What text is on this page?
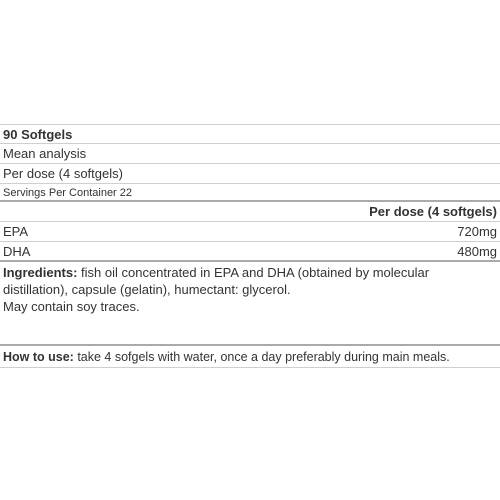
90 Softgels
Mean analysis
Per dose (4 softgels)
Servings Per Container 22
Per dose (4 softgels)
EPA	720mg
DHA	480mg
Ingredients: fish oil concentrated in EPA and DHA (obtained by molecular distillation), capsule (gelatin), humectant: glycerol.
May contain soy traces.
How to use: take 4 sofgels with water, once a day preferably during main meals.
